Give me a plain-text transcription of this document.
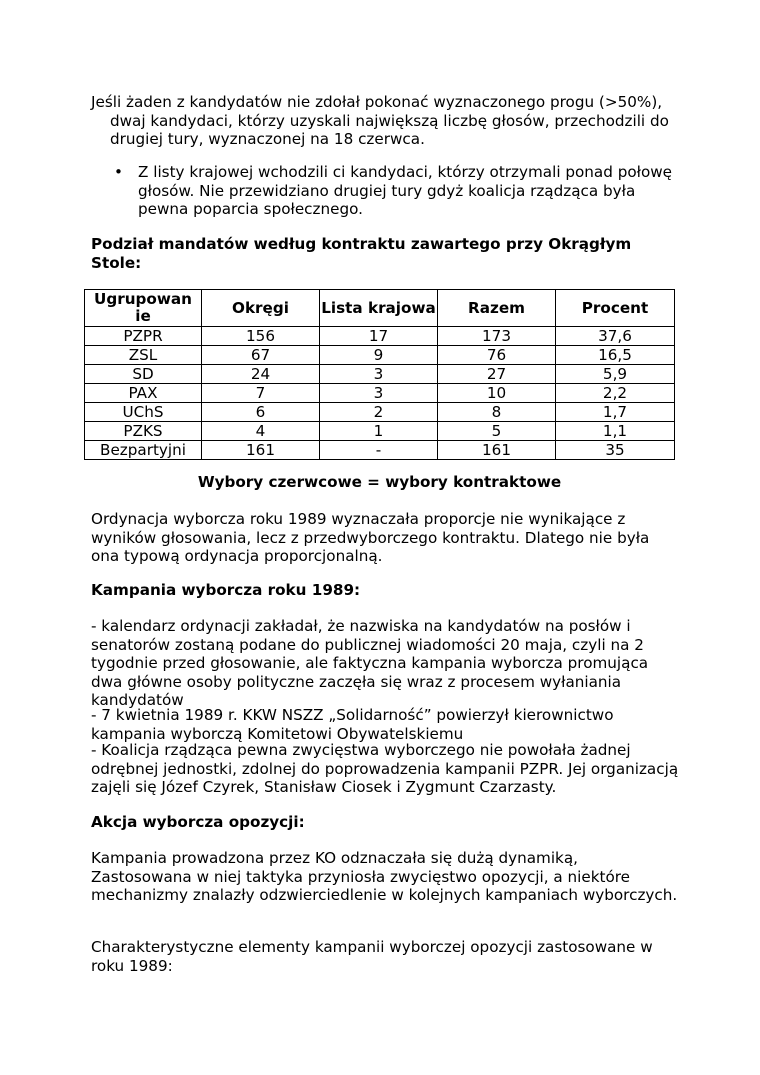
Jeśli żaden z kandydatów nie zdołał pokonać wyznaczonego progu (>50%), dwaj kandydaci, którzy uzyskali największą liczbę głosów, przechodzili do drugiej tury, wyznaczonej na 18 czerwca.

• Z listy krajowej wchodzili ci kandydaci, którzy otrzymali ponad połowę głosów. Nie przewidziano drugiej tury gdyż koalicja rządząca była pewna poparcia społecznego.

Podział mandatów według kontraktu zawartego przy Okrągłym Stole:

Ugrupowan ie	Okręgi	Lista krajowa	Razem	Procent
PZPR	156	17	173	37,6
ZSL	67	9	76	16,5
SD	24	3	27	5,9
PAX	7	3	10	2,2
UChS	6	2	8	1,7
PZKS	4	1	5	1,1
Bezpartyjni	161	-	161	35

Wybory czerwcowe = wybory kontraktowe

Ordynacja wyborcza roku 1989 wyznaczała proporcje nie wynikające z wyników głosowania, lecz z przedwyborczego kontraktu. Dlatego nie była ona typową ordynacja proporcjonalną.

Kampania wyborcza roku 1989:

- kalendarz ordynacji zakładał, że nazwiska na kandydatów na posłów i senatorów zostaną podane do publicznej wiadomości 20 maja, czyli na 2 tygodnie przed głosowanie, ale faktyczna kampania wyborcza promująca dwa główne osoby polityczne zaczęła się wraz z procesem wyłaniania kandydatów

- 7 kwietnia 1989 r. KKW NSZZ „Solidarność” powierzył kierownictwo kampania wyborczą Komitetowi Obywatelskiemu

- Koalicja rządząca pewna zwycięstwa wyborczego nie powołała żadnej odrębnej jednostki, zdolnej do poprowadzenia kampanii PZPR. Jej organizacją zajęli się Józef Czyrek, Stanisław Ciosek i Zygmunt Czarzasty.

Akcja wyborcza opozycji:

Kampania prowadzona przez KO odznaczała się dużą dynamiką, Zastosowana w niej taktyka przyniosła zwycięstwo opozycji, a niektóre mechanizmy znalazły odzwierciedlenie w kolejnych kampaniach wyborczych.

Charakterystyczne elementy kampanii wyborczej opozycji zastosowane w roku 1989:
